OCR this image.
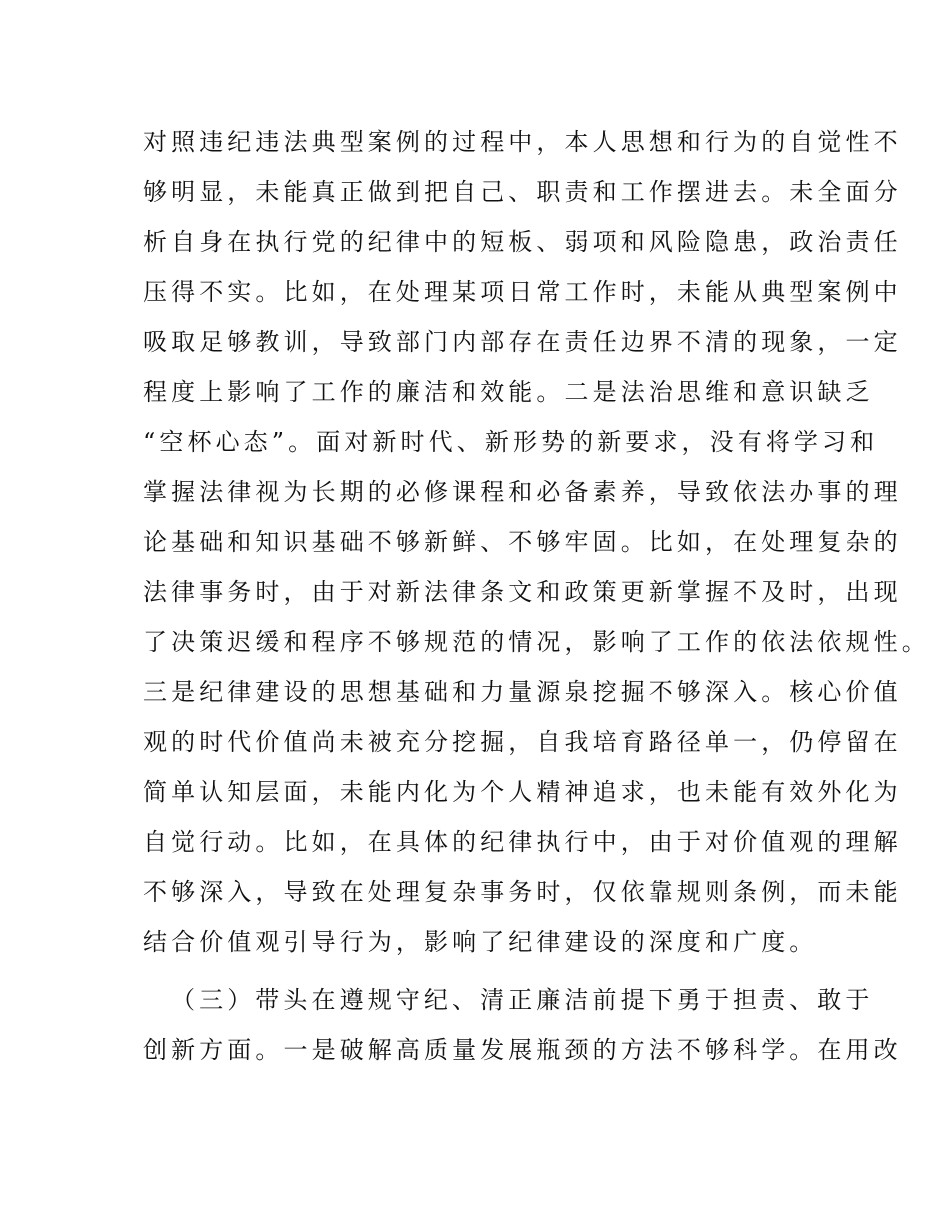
对照违纪违法典型案例的过程中，本人思想和行为的自觉性不
够明显，未能真正做到把自己、职责和工作摆进去。未全面分
析自身在执行党的纪律中的短板、弱项和风险隐患，政治责任
压得不实。比如，在处理某项日常工作时，未能从典型案例中
吸取足够教训，导致部门内部存在责任边界不清的现象，一定
程度上影响了工作的廉洁和效能。二是法治思维和意识缺乏
“空杯心态”。面对新时代、新形势的新要求，没有将学习和
掌握法律视为长期的必修课程和必备素养，导致依法办事的理
论基础和知识基础不够新鲜、不够牢固。比如，在处理复杂的
法律事务时，由于对新法律条文和政策更新掌握不及时，出现
了决策迟缓和程序不够规范的情况，影响了工作的依法依规性。
三是纪律建设的思想基础和力量源泉挖掘不够深入。核心价值
观的时代价值尚未被充分挖掘，自我培育路径单一，仍停留在
简单认知层面，未能内化为个人精神追求，也未能有效外化为
自觉行动。比如，在具体的纪律执行中，由于对价值观的理解
不够深入，导致在处理复杂事务时，仅依靠规则条例，而未能
结合价值观引导行为，影响了纪律建设的深度和广度。
（三）带头在遵规守纪、清正廉洁前提下勇于担责、敢于
创新方面。一是破解高质量发展瓶颈的方法不够科学。在用改
